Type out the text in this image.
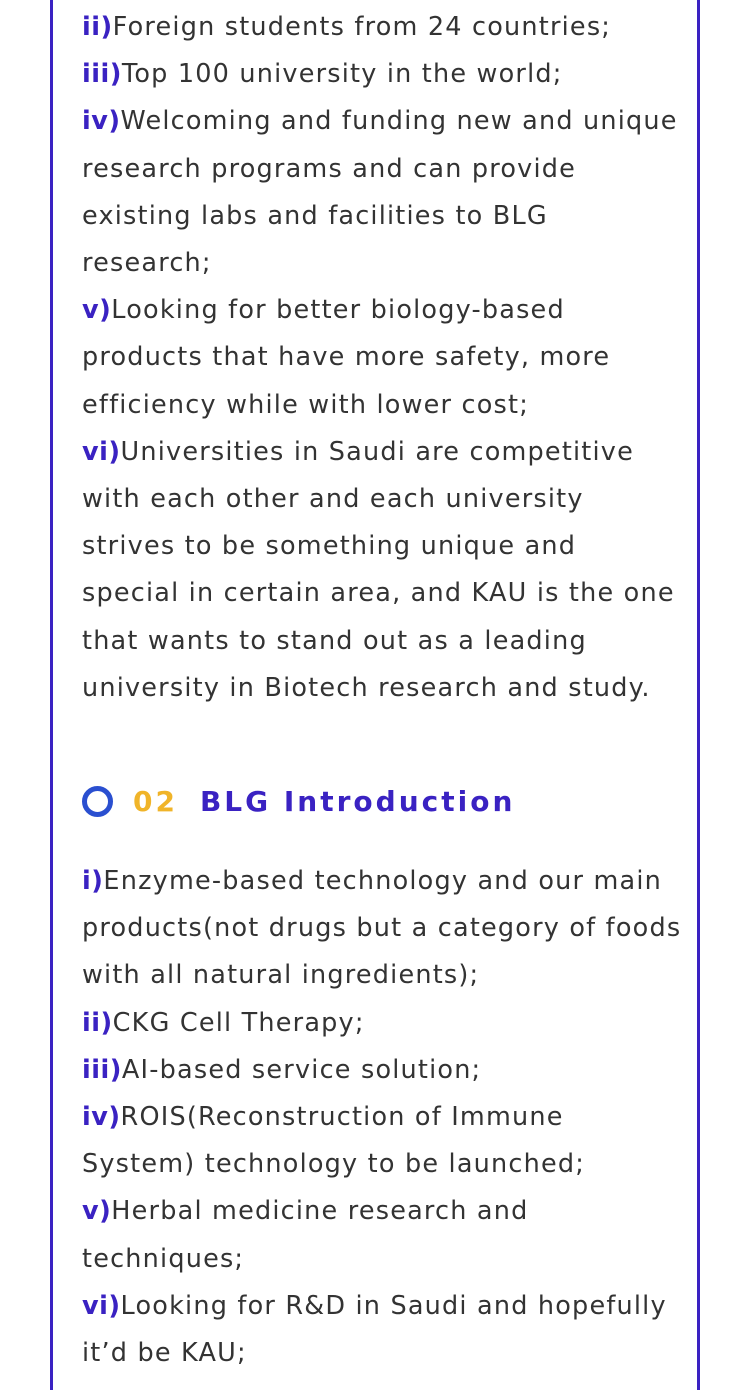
ii)Foreign students from 24 countries;

iii)Top 100 university in the world;

iv)Welcoming and funding new and unique research programs and can provide existing labs and facilities to BLG research;

v)Looking for better biology-based products that have more safety, more efficiency while with lower cost;

vi)Universities in Saudi are competitive with each other and each university strives to be something unique and special in certain area, and KAU is the one that wants to stand out as a leading university in Biotech research and study.

02 BLG Introduction

i)Enzyme-based technology and our main products(not drugs but a category of foods with all natural ingredients);

ii)CKG Cell Therapy;

iii)AI-based service solution;

iv)ROIS(Reconstruction of Immune System) technology to be launched;

v)Herbal medicine research and techniques;

vi)Looking for R&D in Saudi and hopefully it’d be KAU;
